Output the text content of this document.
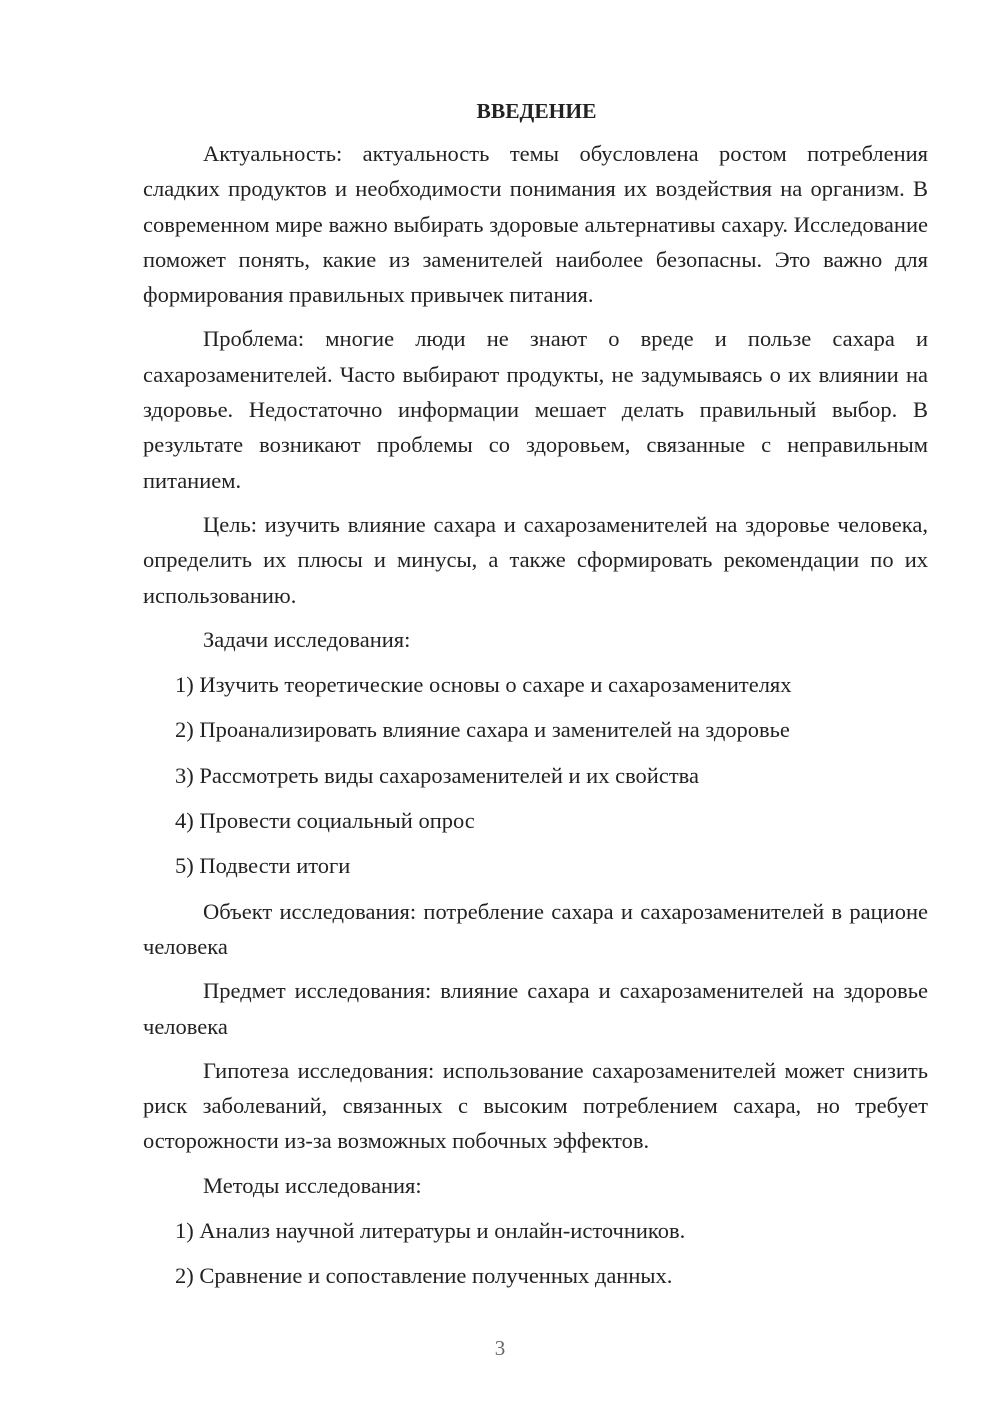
ВВЕДЕНИЕ
Актуальность: актуальность темы обусловлена ростом потребления сладких продуктов и необходимости понимания их воздействия на организм. В современном мире важно выбирать здоровые альтернативы сахару. Исследование поможет понять, какие из заменителей наиболее безопасны. Это важно для формирования правильных привычек питания.
Проблема: многие люди не знают о вреде и пользе сахара и сахарозаменителей. Часто выбирают продукты, не задумываясь о их влиянии на здоровье. Недостаточно информации мешает делать правильный выбор. В результате возникают проблемы со здоровьем, связанные с неправильным питанием.
Цель: изучить влияние сахара и сахарозаменителей на здоровье человека, определить их плюсы и минусы, а также сформировать рекомендации по их использованию.
Задачи исследования:
1) Изучить теоретические основы о сахаре и сахарозаменителях
2) Проанализировать влияние сахара и заменителей на здоровье
3) Рассмотреть виды сахарозаменителей и их свойства
4) Провести социальный опрос
5) Подвести итоги
Объект исследования: потребление сахара и сахарозаменителей в рационе человека
Предмет исследования: влияние сахара и сахарозаменителей на здоровье человека
Гипотеза исследования: использование сахарозаменителей может снизить риск заболеваний, связанных с высоким потреблением сахара, но требует осторожности из-за возможных побочных эффектов.
Методы исследования:
1) Анализ научной литературы и онлайн-источников.
2) Сравнение и сопоставление полученных данных.
3
